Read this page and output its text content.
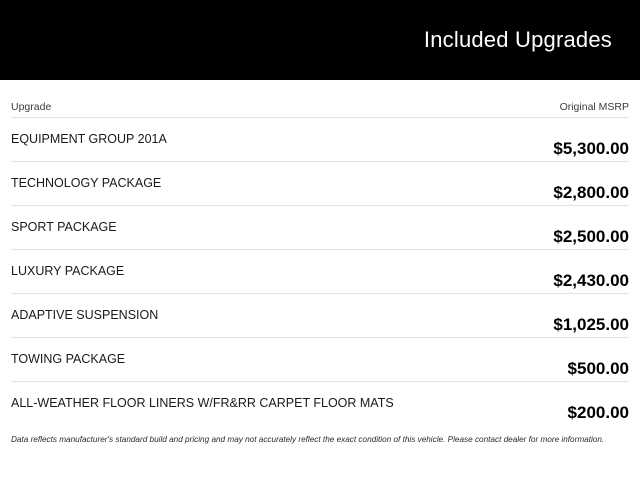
Included Upgrades
Upgrade	Original MSRP
EQUIPMENT GROUP 201A	$5,300.00
TECHNOLOGY PACKAGE	$2,800.00
SPORT PACKAGE	$2,500.00
LUXURY PACKAGE	$2,430.00
ADAPTIVE SUSPENSION	$1,025.00
TOWING PACKAGE	$500.00
ALL-WEATHER FLOOR LINERS W/FR&RR CARPET FLOOR MATS	$200.00
Data reflects manufacturer's standard build and pricing and may not accurately reflect the exact condition of this vehicle. Please contact dealer for more information.
